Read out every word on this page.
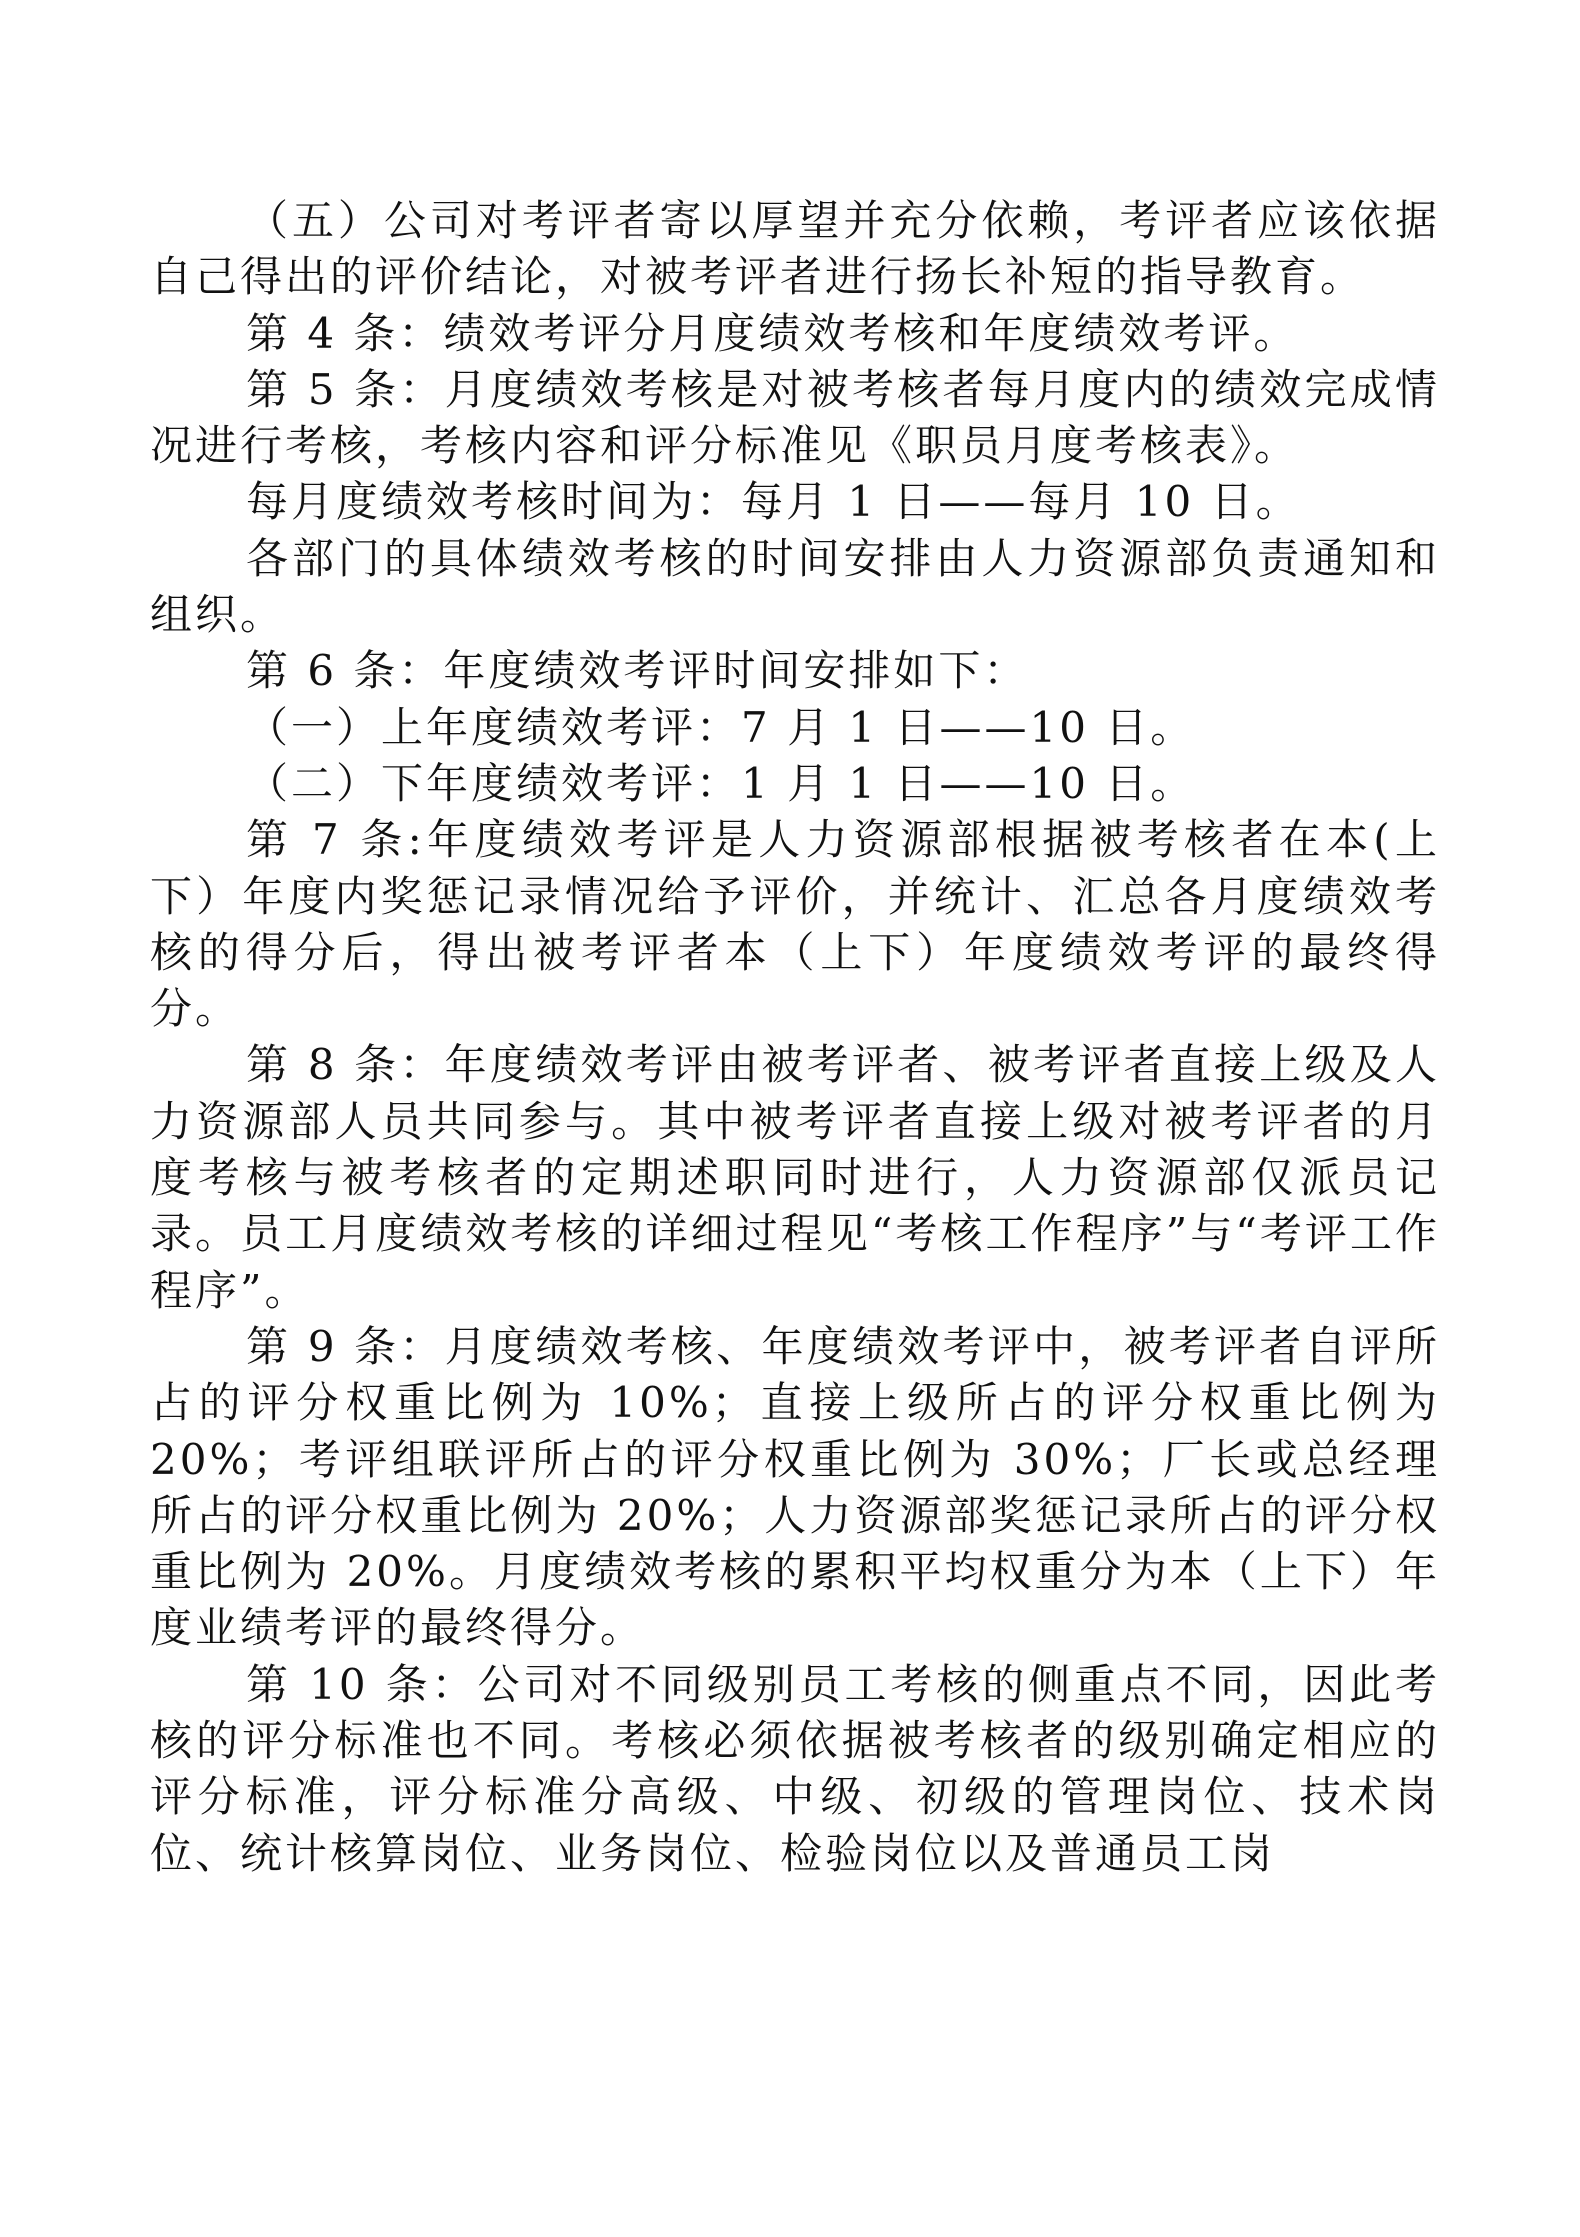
（五）公司对考评者寄以厚望并充分依赖，考评者应该依据自己得出的评价结论，对被考评者进行扬长补短的指导教育。

第 4 条：绩效考评分月度绩效考核和年度绩效考评。

第 5 条：月度绩效考核是对被考核者每月度内的绩效完成情况进行考核，考核内容和评分标准见《职员月度考核表》。

每月度绩效考核时间为：每月 1 日——每月 10 日。

各部门的具体绩效考核的时间安排由人力资源部负责通知和组织。

第 6 条：年度绩效考评时间安排如下：

（一）上年度绩效考评：7 月 1 日——10 日。

（二）下年度绩效考评：1 月 1 日——10 日。

第 7 条:年度绩效考评是人力资源部根据被考核者在本(上下）年度内奖惩记录情况给予评价，并统计、汇总各月度绩效考核的得分后，得出被考评者本（上下）年度绩效考评的最终得分。

第 8 条：年度绩效考评由被考评者、被考评者直接上级及人力资源部人员共同参与。其中被考评者直接上级对被考评者的月度考核与被考核者的定期述职同时进行，人力资源部仅派员记录。员工月度绩效考核的详细过程见“考核工作程序”与“考评工作程序”。

第 9 条：月度绩效考核、年度绩效考评中，被考评者自评所占的评分权重比例为 10%；直接上级所占的评分权重比例为 20%；考评组联评所占的评分权重比例为 30%；厂长或总经理所占的评分权重比例为 20%；人力资源部奖惩记录所占的评分权重比例为 20%。月度绩效考核的累积平均权重分为本（上下）年度业绩考评的最终得分。

第 10 条：公司对不同级别员工考核的侧重点不同，因此考核的评分标准也不同。考核必须依据被考核者的级别确定相应的评分标准，评分标准分高级、中级、初级的管理岗位、技术岗位、统计核算岗位、业务岗位、检验岗位以及普通员工岗
